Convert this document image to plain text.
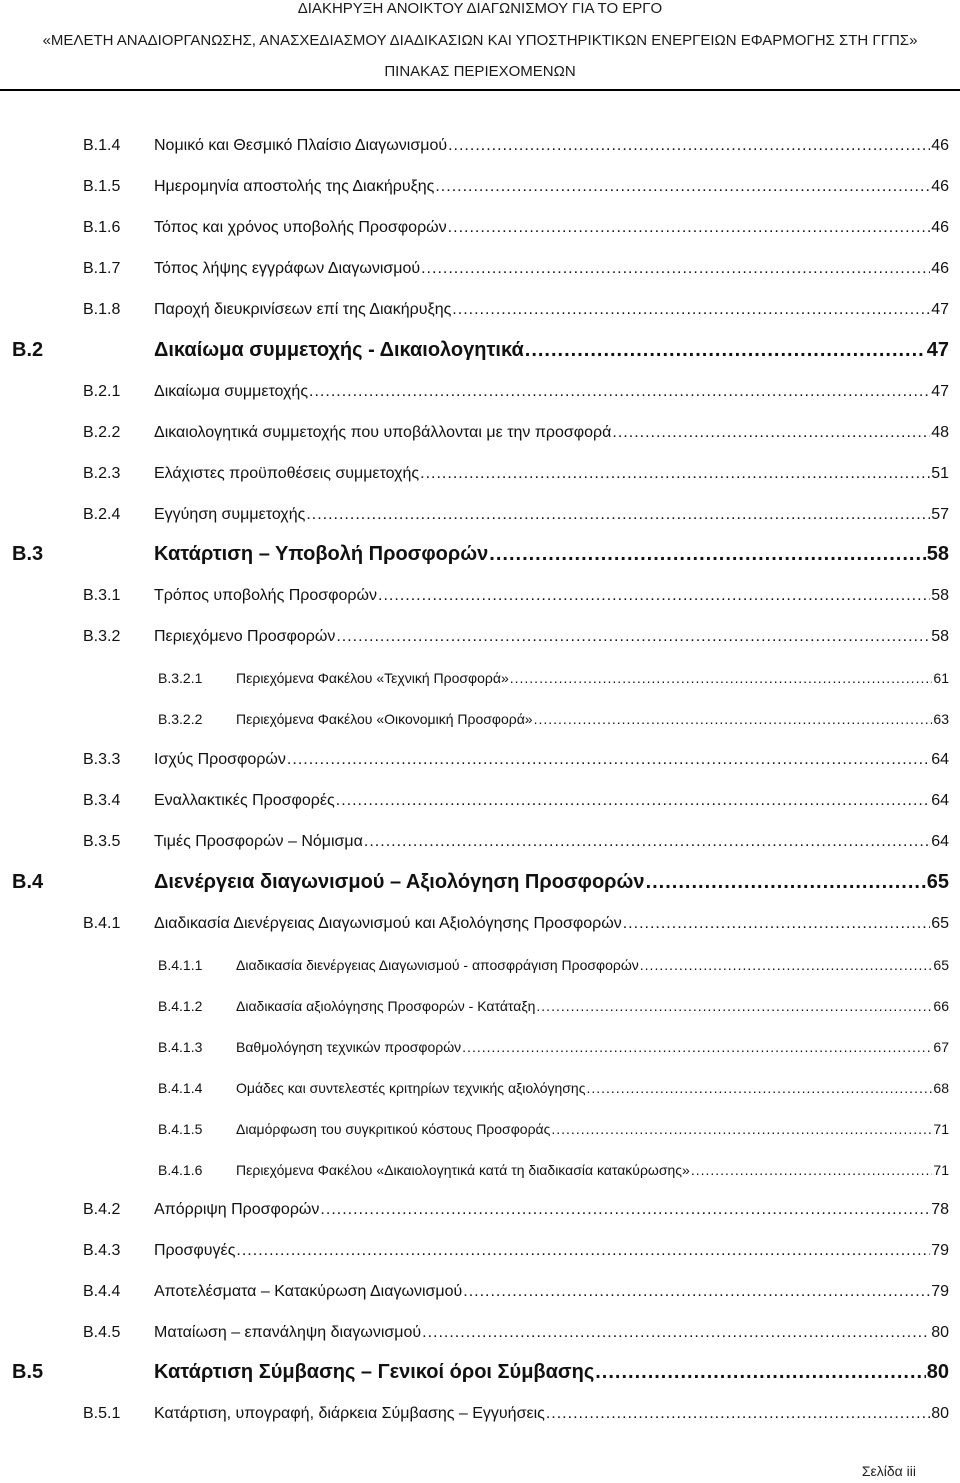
ΔΙΑΚΗΡΥΞΗ ΑΝΟΙΚΤΟΥ ΔΙΑΓΩΝΙΣΜΟΥ ΓΙΑ ΤΟ ΕΡΓΟ
«ΜΕΛΕΤΗ ΑΝΑΔΙΟΡΓΑΝΩΣΗΣ, ΑΝΑΣΧΕΔΙΑΣΜΟΥ ΔΙΑΔΙΚΑΣΙΩΝ ΚΑΙ ΥΠΟΣΤΗΡΙΚΤΙΚΩΝ ΕΝΕΡΓΕΙΩΝ ΕΦΑΡΜΟΓΗΣ ΣΤΗ ΓΓΠΣ»
ΠΙΝΑΚΑΣ ΠΕΡΙΕΧΟΜΕΝΩΝ
Β.1.4	Νομικό και Θεσμικό Πλαίσιο Διαγωνισμού .....	46
Β.1.5	Ημερομηνία αποστολής της Διακήρυξης .....	46
Β.1.6	Τόπος και χρόνος υποβολής Προσφορών .....	46
Β.1.7	Τόπος λήψης εγγράφων Διαγωνισμού .....	46
Β.1.8	Παροχή διευκρινίσεων επί της Διακήρυξης .....	47
Β.2	Δικαίωμα συμμετοχής - Δικαιολογητικά .....	47
Β.2.1	Δικαίωμα συμμετοχής .....	47
Β.2.2	Δικαιολογητικά συμμετοχής που υποβάλλονται με την προσφορά .....	48
Β.2.3	Ελάχιστες προϋποθέσεις συμμετοχής .....	51
Β.2.4	Εγγύηση συμμετοχής .....	57
Β.3	Κατάρτιση – Υποβολή Προσφορών .....	58
Β.3.1	Τρόπος υποβολής Προσφορών .....	58
Β.3.2	Περιεχόμενο Προσφορών .....	58
Β.3.2.1	Περιεχόμενα Φακέλου «Τεχνική Προσφορά» .....	61
Β.3.2.2	Περιεχόμενα Φακέλου «Οικονομική Προσφορά» .....	63
Β.3.3	Ισχύς Προσφορών .....	64
Β.3.4	Εναλλακτικές Προσφορές .....	64
Β.3.5	Τιμές Προσφορών – Νόμισμα .....	64
Β.4	Διενέργεια διαγωνισμού – Αξιολόγηση Προσφορών .....	65
Β.4.1	Διαδικασία Διενέργειας Διαγωνισμού και Αξιολόγησης Προσφορών .....	65
Β.4.1.1	Διαδικασία διενέργειας Διαγωνισμού - αποσφράγιση Προσφορών .....	65
Β.4.1.2	Διαδικασία αξιολόγησης Προσφορών - Κατάταξη .....	66
Β.4.1.3	Βαθμολόγηση τεχνικών προσφορών .....	67
Β.4.1.4	Ομάδες και συντελεστές κριτηρίων τεχνικής αξιολόγησης .....	68
Β.4.1.5	Διαμόρφωση του συγκριτικού κόστους Προσφοράς .....	71
Β.4.1.6	Περιεχόμενα Φακέλου «Δικαιολογητικά κατά τη διαδικασία κατακύρωσης» .....	71
Β.4.2	Απόρριψη Προσφορών .....	78
Β.4.3	Προσφυγές .....	79
Β.4.4	Αποτελέσματα – Κατακύρωση Διαγωνισμού .....	79
Β.4.5	Ματαίωση – επανάληψη διαγωνισμού .....	80
Β.5	Κατάρτιση Σύμβασης – Γενικοί όροι Σύμβασης .....	80
Β.5.1	Κατάρτιση, υπογραφή, διάρκεια Σύμβασης – Εγγυήσεις .....	80
Σελίδα iii
